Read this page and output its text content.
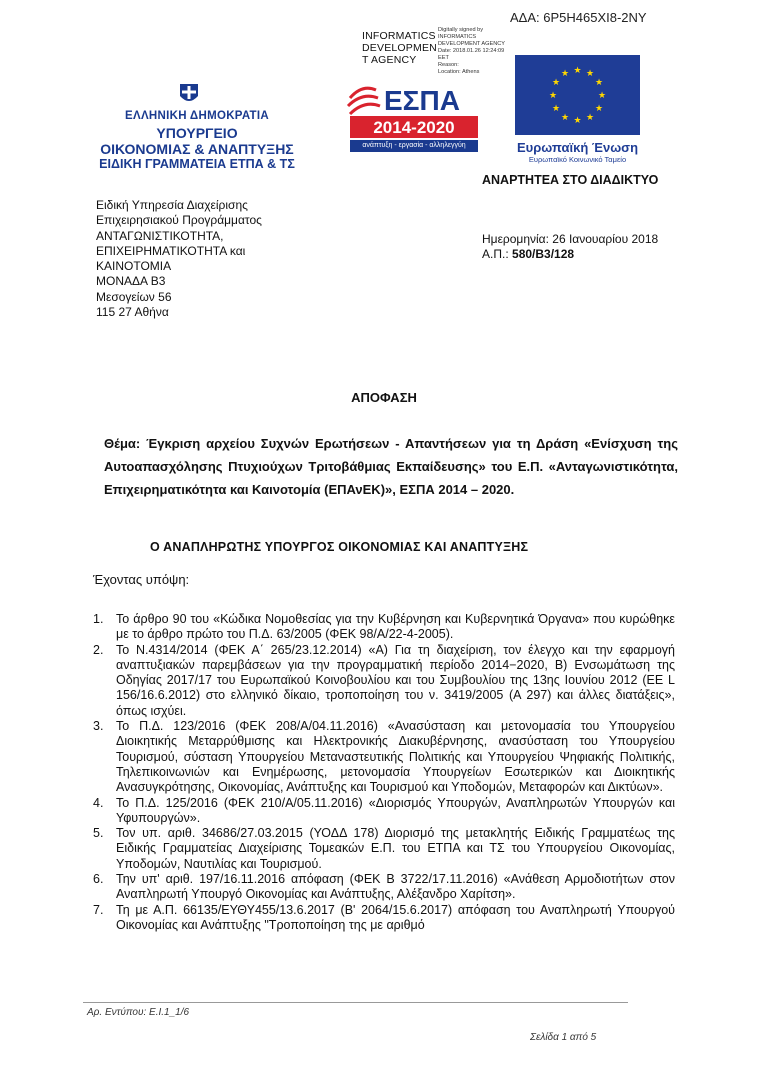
ΑΔΑ: 6Ρ5Η465ΧΙ8-2ΝΥ
INFORMATICS
DEVELOPMEN
T AGENCY
Digitally signed by
INFORMATICS
DEVELOPMENT AGENCY
Date: 2018.01.26 12:24:09
EET
Reason:
Location: Athens
ΕΛΛΗΝΙΚΗ ΔΗΜΟΚΡΑΤΙΑ
ΥΠΟΥΡΓΕΙΟ
ΟΙΚΟΝΟΜΙΑΣ & ΑΝΑΠΤΥΞΗΣ
ΕΙΔΙΚΗ ΓΡΑΜΜΑΤΕΙΑ ΕΤΠΑ & ΤΣ
ΕΣΠΑ
2014-2020
ανάπτυξη - εργασία - αλληλεγγύη
★ ★
★
★
★
★
★
★
★
★
★
★
Ευρωπαϊκή Ένωση
Ευρωπαϊκό Κοινωνικό Ταμείο
ΑΝΑΡΤΗΤΕΑ ΣΤΟ ΔΙΑΔΙΚΤΥΟ
Ειδική Υπηρεσία Διαχείρισης
Επιχειρησιακού Προγράμματος
ΑΝΤΑΓΩΝΙΣΤΙΚΟΤΗΤΑ,
ΕΠΙΧΕΙΡΗΜΑΤΙΚΟΤΗΤΑ και
ΚΑΙΝΟΤΟΜΙΑ
ΜΟΝΑΔΑ Β3
Μεσογείων 56
115 27 Αθήνα
Ημερομηνία: 26 Ιανουαρίου 2018
Α.Π.: 580/Β3/128
ΑΠΟΦΑΣΗ
Θέμα: Έγκριση αρχείου Συχνών Ερωτήσεων - Απαντήσεων για τη Δράση «Ενίσχυση της Αυτοαπασχόλησης Πτυχιούχων Τριτοβάθμιας Εκπαίδευσης» του Ε.Π. «Ανταγωνιστικότητα, Επιχειρηματικότητα και Καινοτομία (ΕΠΑνΕΚ)», ΕΣΠΑ 2014 – 2020.
Ο ΑΝΑΠΛΗΡΩΤΗΣ ΥΠΟΥΡΓΟΣ ΟΙΚΟΝΟΜΙΑΣ ΚΑΙ ΑΝΑΠΤΥΞΗΣ
Έχοντας υπόψη:
1. Το άρθρο 90 του «Κώδικα Νομοθεσίας για την Κυβέρνηση και Κυβερνητικά Όργανα» που κυρώθηκε με το άρθρο πρώτο του Π.Δ. 63/2005 (ΦΕΚ 98/Α/22-4-2005).
2. Το Ν.4314/2014 (ΦΕΚ Α΄ 265/23.12.2014) «Α) Για τη διαχείριση, τον έλεγχο και την εφαρμογή αναπτυξιακών παρεμβάσεων για την προγραμματική περίοδο 2014−2020, Β) Ενσωμάτωση της Οδηγίας 2017/17 του Ευρωπαϊκού Κοινοβουλίου και του Συμβουλίου της 13ης Ιουνίου 2012 (ΕΕ L 156/16.6.2012) στο ελληνικό δίκαιο, τροποποίηση του ν. 3419/2005 (Α 297) και άλλες διατάξεις», όπως ισχύει.
3. Το Π.Δ. 123/2016 (ΦΕΚ 208/Α/04.11.2016) «Ανασύσταση και μετονομασία του Υπουργείου Διοικητικής Μεταρρύθμισης και Ηλεκτρονικής Διακυβέρνησης, ανασύσταση του Υπουργείου Τουρισμού, σύσταση Υπουργείου Μεταναστευτικής Πολιτικής και Υπουργείου Ψηφιακής Πολιτικής, Τηλεπικοινωνιών και Ενημέρωσης, μετονομασία Υπουργείων Εσωτερικών και Διοικητικής Ανασυγκρότησης, Οικονομίας, Ανάπτυξης και Τουρισμού και Υποδομών, Μεταφορών και Δικτύων».
4. Το Π.Δ. 125/2016 (ΦΕΚ 210/Α/05.11.2016) «Διορισμός Υπουργών, Αναπληρωτών Υπουργών και Υφυπουργών».
5. Τον υπ. αριθ. 34686/27.03.2015 (ΥΟΔΔ 178) Διορισμό της μετακλητής Ειδικής Γραμματέως της Ειδικής Γραμματείας Διαχείρισης Τομεακών Ε.Π. του ΕΤΠΑ και ΤΣ του Υπουργείου Οικονομίας, Υποδομών, Ναυτιλίας και Τουρισμού.
6. Την υπ' αριθ. 197/16.11.2016 απόφαση (ΦΕΚ Β 3722/17.11.2016) «Ανάθεση Αρμοδιοτήτων στον Αναπληρωτή Υπουργό Οικονομίας και Ανάπτυξης, Αλέξανδρο Χαρίτση».
7. Τη με Α.Π. 66135/ΕΥΘΥ455/13.6.2017 (Β' 2064/15.6.2017) απόφαση του Αναπληρωτή Υπουργού Οικονομίας και Ανάπτυξης "Τροποποίηση της με αριθμό
Αρ. Εντύπου: Ε.Ι.1_1/6
Σελίδα 1 από 5
